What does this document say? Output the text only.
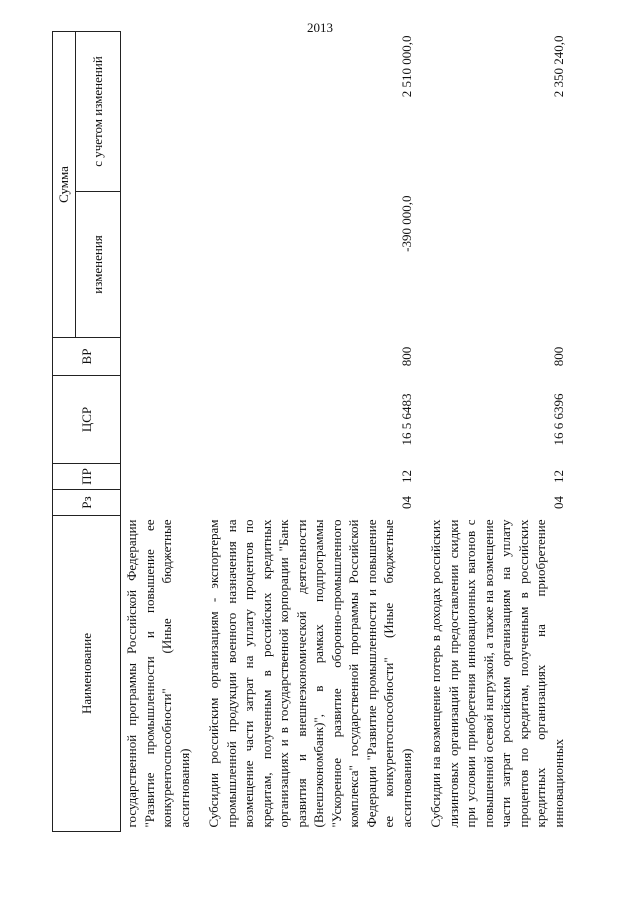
2013
Наименование	Рз	ПР	ЦСР	ВР	Сумма	
					изменения	с учетом изменений
государственной программы Российской Федерации "Развитие промышленности и повышение ее конкурентоспособности" (Иные бюджетные ассигнования)						
Субсидии российским организациям - экспортерам промышленной продукции военного назначения на возмещение части затрат на уплату процентов по кредитам, полученным в российских кредитных организациях и в государственной корпорации "Банк развития и внешнеэкономической деятельности (Внешэкономбанк)", в рамках подпрограммы "Ускоренное развитие оборонно-промышленного комплекса" государственной программы Российской Федерации "Развитие промышленности и повышение ее конкурентоспособности" (Иные бюджетные ассигнования)	04	12	16 5 6483	800	-390 000,0	2 510 000,0
Субсидии на возмещение потерь в доходах российских лизинговых организаций при предоставлении скидки при условии приобретения инновационных вагонов с повышенной осевой нагрузкой, а также на возмещение части затрат российским организациям на уплату процентов по кредитам, полученным в российских кредитных организациях на приобретение инновационных	04	12	16 6 6396	800		2 350 240,0
